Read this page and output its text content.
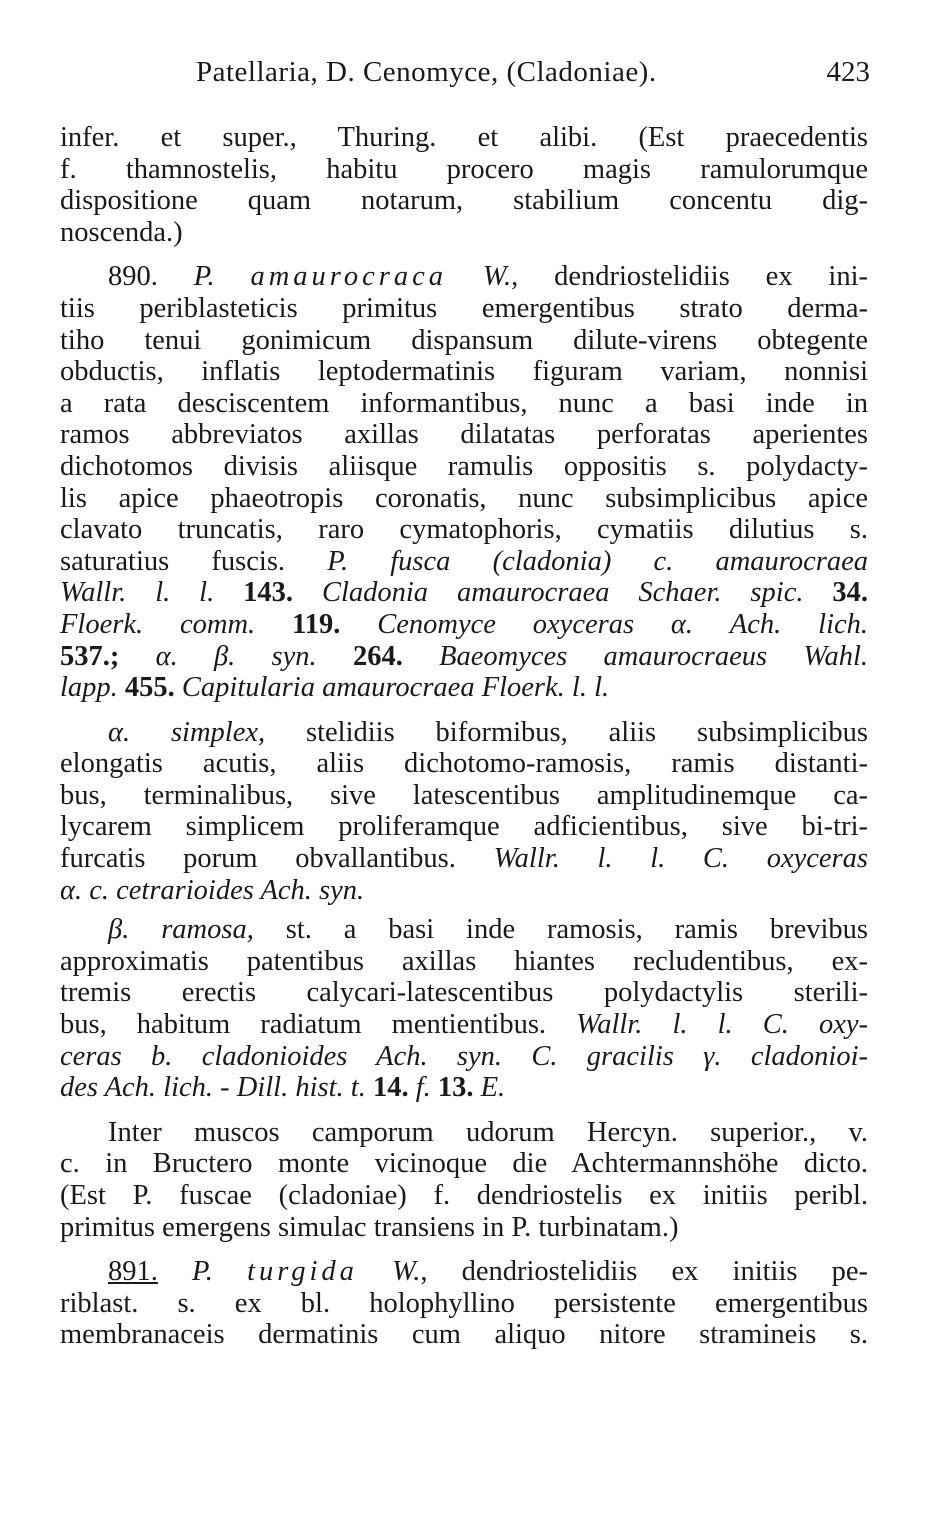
Patellaria, D. Cenomyce, (Cladoniae).	423
infer. et super., Thuring. et alibi. (Est praecedentis
f. thamnostelis, habitu procero magis ramulorumque
dispositione quam notarum, stabilium concentu dig-
noscenda.)
890. P. amaurocraca W., dendriostelidiis ex ini-
tiis periblasteticis primitus emergentibus strato derma-
tiho tenui gonimicum dispansum dilute-virens obtegente
obductis, inflatis leptodermatinis figuram variam, nonnisi
a rata desciscentem informantibus, nunc a basi inde in
ramos abbreviatos axillas dilatatas perforatas aperientes
dichotomos divisis aliisque ramulis oppositis s. polydacty-
lis apice phaeotropis coronatis, nunc subsimplicibus apice
clavato truncatis, raro cymatophoris, cymatiis dilutius s.
saturatius fuscis. P. fusca (cladonia) c. amaurocraea
Wallr. l. l. 143. Cladonia amaurocraea Schaer. spic. 34.
Floerk. comm. 119. Cenomyce oxyceras α. Ach. lich.
537.; α. β. syn. 264. Baeomyces amaurocraeus Wahl.
lapp. 455. Capitularia amaurocraea Floerk. l. l.
α. simplex, stelidiis biformibus, aliis subsimplicibus
elongatis acutis, aliis dichotomo-ramosis, ramis distanti-
bus, terminalibus, sive latescentibus amplitudinemque ca-
lycarem simplicem proliferamque adficientibus, sive bi-tri-
furcatis porum obvallantibus. Wallr. l. l. C. oxyceras
α. c. cetrarioides Ach. syn.
β. ramosa, st. a basi inde ramosis, ramis brevibus
approximatis patentibus axillas hiantes recludentibus, ex-
tremis erectis calycari-latescentibus polydactylis sterili-
bus, habitum radiatum mentientibus. Wallr. l. l. C. oxy-
ceras b. cladonioides Ach. syn. C. gracilis γ. cladonioi-
des Ach. lich. - Dill. hist. t. 14. f. 13. E.
Inter muscos camporum udorum Hercyn. superior., v.
c. in Bructero monte vicinoque die Achtermannshöhe dicto.
(Est P. fuscae (cladoniae) f. dendriostelis ex initiis peribl.
primitus emergens simulac transiens in P. turbinatam.)
891. P. turgida W., dendriostelidiis ex initiis pe-
riblast. s. ex bl. holophyllino persistente emergentibus
membranaceis dermatinis cum aliquo nitore stramineis s.
